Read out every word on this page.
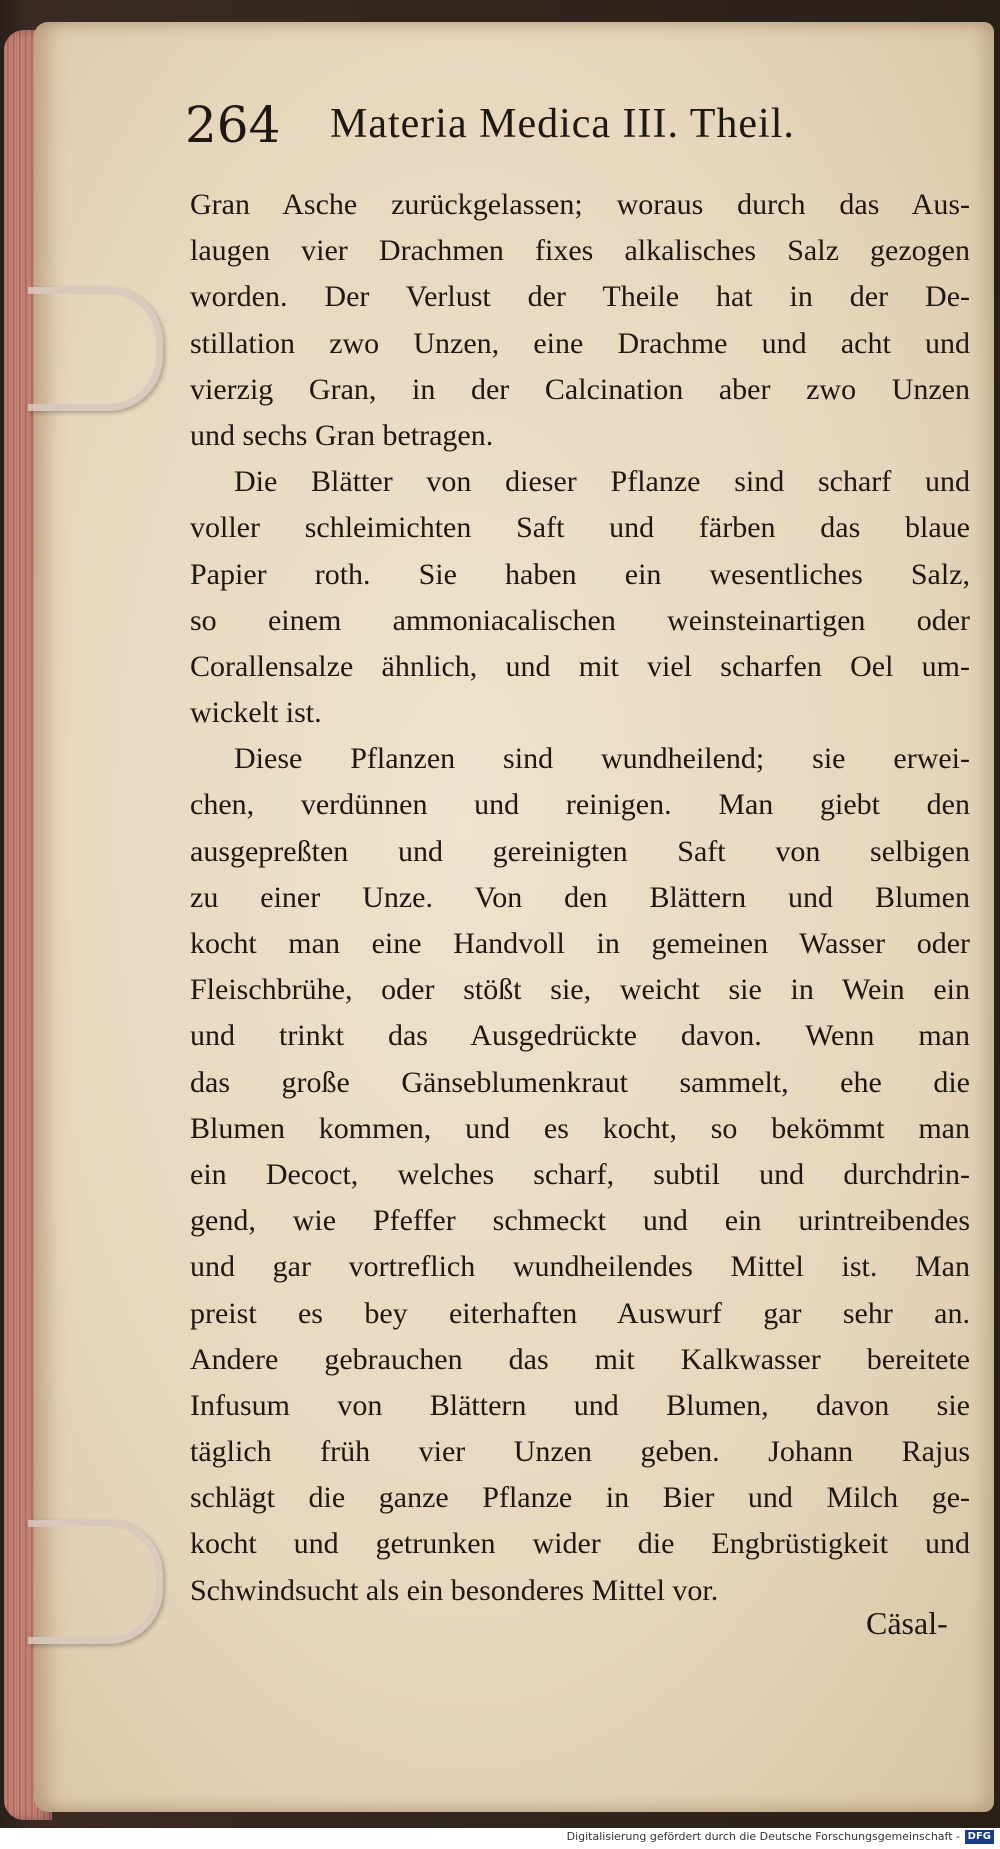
264 Materia Medica III. Theil.
Gran Asche zurückgelassen; woraus durch das Aus-
laugen vier Drachmen fixes alkalisches Salz gezogen
worden. Der Verlust der Theile hat in der De-
stillation zwo Unzen, eine Drachme und acht und
vierzig Gran, in der Calcination aber zwo Unzen
und sechs Gran betragen.
Die Blätter von dieser Pflanze sind scharf und
voller schleimichten Saft und färben das blaue
Papier roth. Sie haben ein wesentliches Salz,
so einem ammoniacalischen weinsteinartigen oder
Corallensalze ähnlich, und mit viel scharfen Oel um-
wickelt ist.
Diese Pflanzen sind wundheilend; sie erwei-
chen, verdünnen und reinigen. Man giebt den
ausgepreßten und gereinigten Saft von selbigen
zu einer Unze. Von den Blättern und Blumen
kocht man eine Handvoll in gemeinen Wasser oder
Fleischbrühe, oder stößt sie, weicht sie in Wein ein
und trinkt das Ausgedrückte davon. Wenn man
das große Gänseblumenkraut sammelt, ehe die
Blumen kommen, und es kocht, so bekömmt man
ein Decoct, welches scharf, subtil und durchdrin-
gend, wie Pfeffer schmeckt und ein urintreibendes
und gar vortreflich wundheilendes Mittel ist. Man
preist es bey eiterhaften Auswurf gar sehr an.
Andere gebrauchen das mit Kalkwasser bereitete
Infusum von Blättern und Blumen, davon sie
täglich früh vier Unzen geben. Johann Rajus
schlägt die ganze Pflanze in Bier und Milch ge-
kocht und getrunken wider die Engbrüstigkeit und
Schwindsucht als ein besonderes Mittel vor.
Cäsal-
Digitalisierung gefördert durch die Deutsche Forschungsgemeinschaft - DFG
